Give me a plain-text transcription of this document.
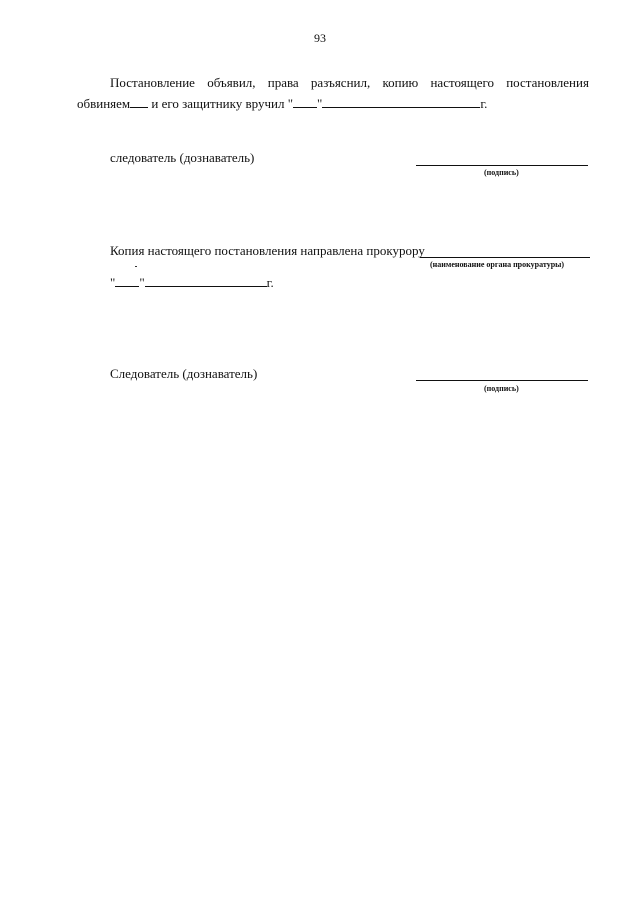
93
Постановление объявил, права разъяснил, копию настоящего постановления
обвиняем и его защитнику вручил " "	г.
следователь (дознаватель)
(подпись)
Копия настоящего постановления направлена прокурору
(наименование органа прокуратуры)
" "	г.
Следователь (дознаватель)
(подпись)
